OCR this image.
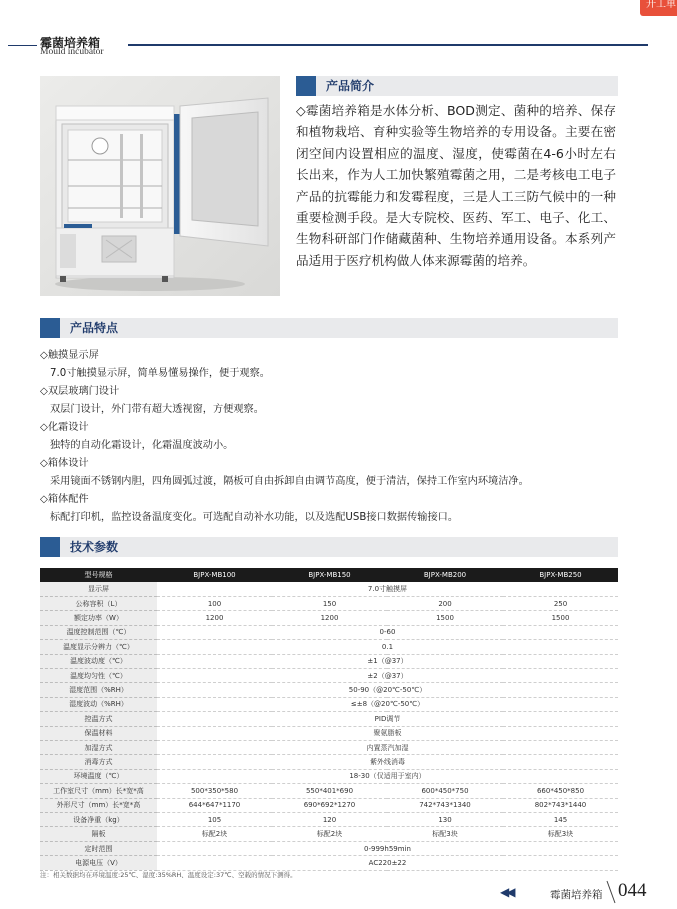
开工单
霉菌培养箱
Mould incubator
产品简介
◇霉菌培养箱是水体分析、BOD测定、菌种的培养、保存和植物栽培、育种实验等生物培养的专用设备。主要在密闭空间内设置相应的温度、湿度，使霉菌在4-6小时左右长出来，作为人工加快繁殖霉菌之用，二是考核电工电子产品的抗霉能力和发霉程度，三是人工三防气候中的一种重要检测手段。是大专院校、医药、军工、电子、化工、生物科研部门作储藏菌种、生物培养通用设备。本系列产品适用于医疗机构做人体来源霉菌的培养。
产品特点
◇触摸显示屏
7.0寸触摸显示屏，简单易懂易操作，便于观察。
◇双层玻璃门设计
双层门设计，外门带有超大透视窗，方便观察。
◇化霜设计
独特的自动化霜设计，化霜温度波动小。
◇箱体设计
采用镜面不锈钢内胆，四角圆弧过渡，隔板可自由拆卸自由调节高度，便于清洁，保持工作室内环境洁净。
◇箱体配件
标配打印机，监控设备温度变化。可选配自动补水功能，以及选配USB接口数据传输接口。
技术参数
型号规格	BJPX-MB100	BJPX-MB150	BJPX-MB200	BJPX-MB250
显示屏	7.0寸触摸屏			
公称容积（L）	100	150	200	250
额定功率（W）	1200	1200	1500	1500
温度控制范围（℃）	0-60			
温度显示分辨力（℃）	0.1			
温度波动度（℃）	±1（@37）			
温度均匀性（℃）	±2（@37）			
湿度范围（%RH）	50-90（@20℃-50℃）			
湿度波动（%RH）	≤±8（@20℃-50℃）			
控温方式	PID调节			
保温材料	聚氨脂板			
加湿方式	内置蒸汽加湿			
消毒方式	紫外线消毒			
环境温度（℃）	18-30（仅适用于室内）			
工作室尺寸（mm）长*宽*高	500*350*580	550*401*690	600*450*750	660*450*850
外形尺寸（mm）长*宽*高	644*647*1170	690*692*1270	742*743*1340	802*743*1440
设备净重（kg）	105	120	130	145
隔板	标配2块	标配2块	标配3块	标配3块
定时范围	0-999h59min			
电源电压（V）	AC220±22			
注：相关数据均在环境温度:25℃、湿度:35%RH、温度设定:37℃、空载的情况下测得。
◀◀	霉菌培养箱 044
